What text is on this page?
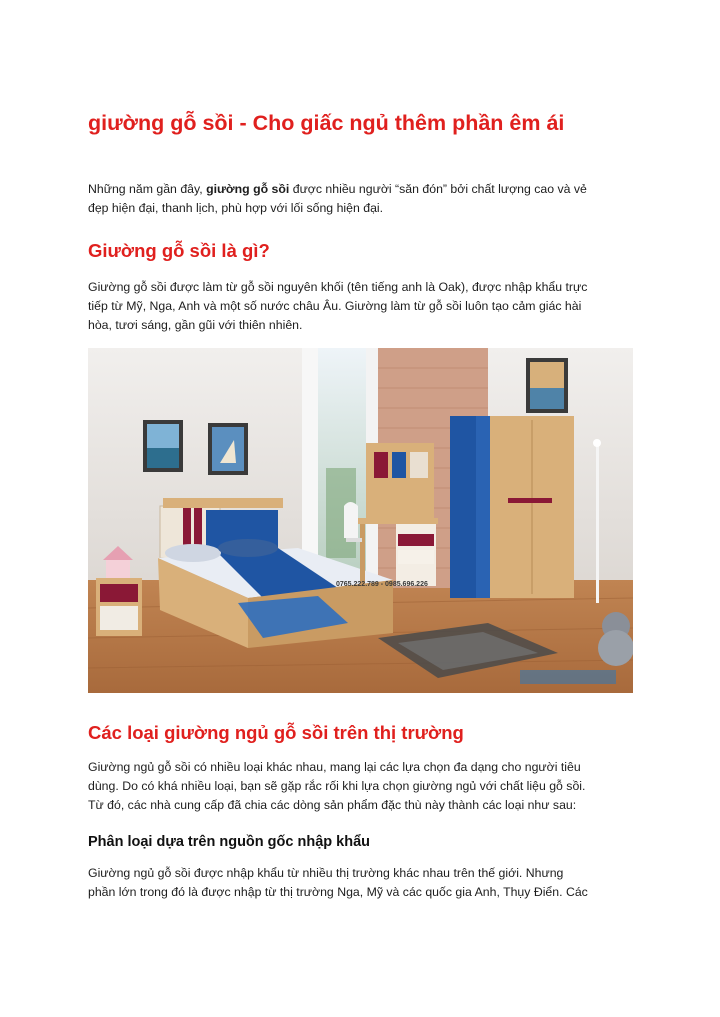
giường gỗ sồi - Cho giấc ngủ thêm phần êm ái
Những năm gần đây, giường gỗ sồi được nhiều người “săn đón” bởi chất lượng cao và vẻ
đẹp hiện đại, thanh lịch, phù hợp với lối sống hiện đại.
Giường gỗ sồi là gì?
Giường gỗ sồi được làm từ gỗ sồi nguyên khối (tên tiếng anh là Oak), được nhập khẩu trực
tiếp từ Mỹ, Nga, Anh và một số nước châu Âu. Giường làm từ gỗ sồi luôn tạo cảm giác hài
hòa, tươi sáng, gần gũi với thiên nhiên.
0765.222.789 - 0985.696.226
Các loại giường ngủ gỗ sồi trên thị trường
Giường ngủ gỗ sồi có nhiều loại khác nhau, mang lại các lựa chọn đa dạng cho người tiêu
dùng. Do có khá nhiều loại, bạn sẽ gặp rắc rối khi lựa chọn giường ngủ với chất liệu gỗ sồi.
Từ đó, các nhà cung cấp đã chia các dòng sản phẩm đặc thù này thành các loại như sau:
Phân loại dựa trên nguồn gốc nhập khẩu
Giường ngủ gỗ sồi được nhập khẩu từ nhiều thị trường khác nhau trên thế giới. Nhưng
phần lớn trong đó là được nhập từ thị trường Nga, Mỹ và các quốc gia Anh, Thụy Điển. Các
